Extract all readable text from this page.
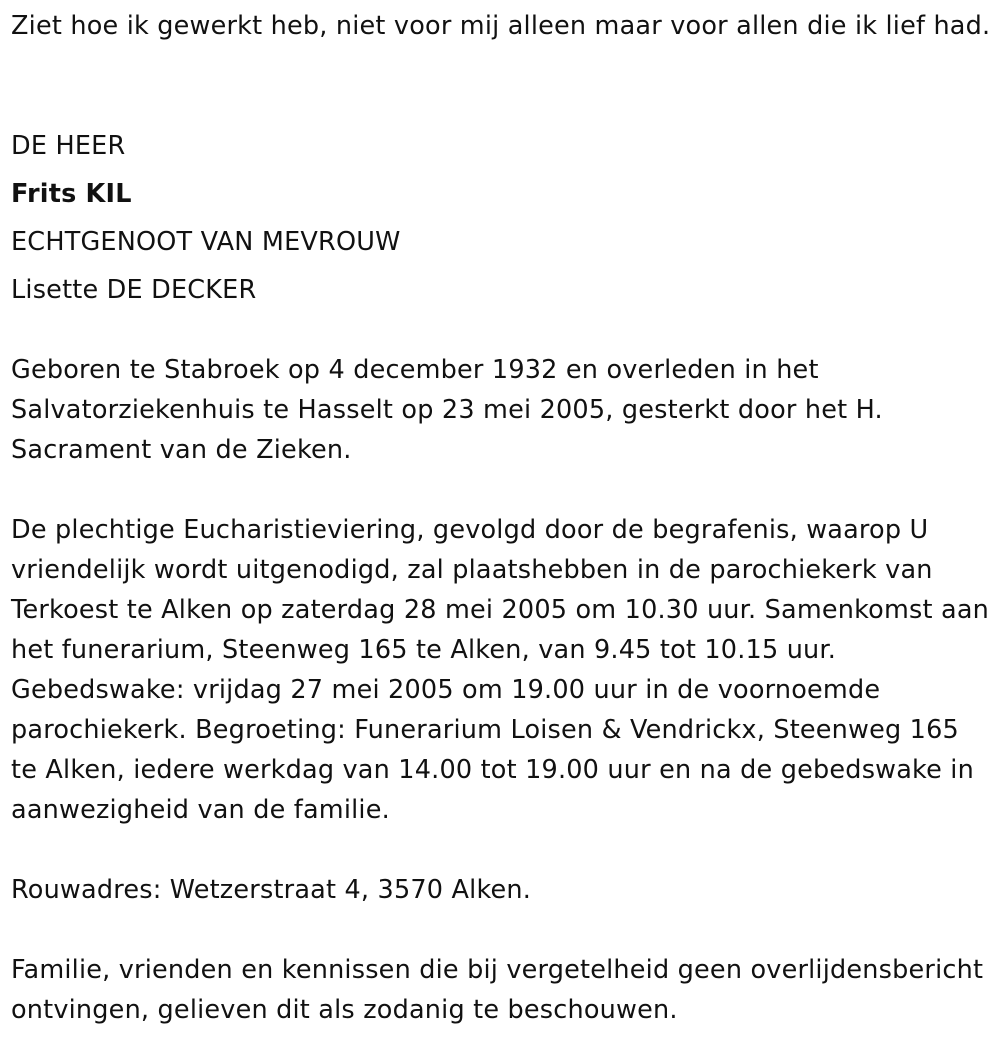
Ziet hoe ik gewerkt heb, niet voor mij alleen maar voor allen die ik lief had.

DE HEER

Frits KIL

ECHTGENOOT VAN MEVROUW

Lisette DE DECKER

Geboren te Stabroek op 4 december 1932 en overleden in het Salvatorziekenhuis te Hasselt op 23 mei 2005, gesterkt door het H. Sacrament van de Zieken.

De plechtige Eucharistieviering, gevolgd door de begrafenis, waarop U vriendelijk wordt uitgenodigd, zal plaatshebben in de parochiekerk van Terkoest te Alken op zaterdag 28 mei 2005 om 10.30 uur. Samenkomst aan het funerarium, Steenweg 165 te Alken, van 9.45 tot 10.15 uur. Gebedswake: vrijdag 27 mei 2005 om 19.00 uur in de voornoemde parochiekerk. Begroeting: Funerarium Loisen & Vendrickx, Steenweg 165 te Alken, iedere werkdag van 14.00 tot 19.00 uur en na de gebedswake in aanwezigheid van de familie.

Rouwadres: Wetzerstraat 4, 3570 Alken.

Familie, vrienden en kennissen die bij vergetelheid geen overlijdensbericht ontvingen, gelieven dit als zodanig te beschouwen.
